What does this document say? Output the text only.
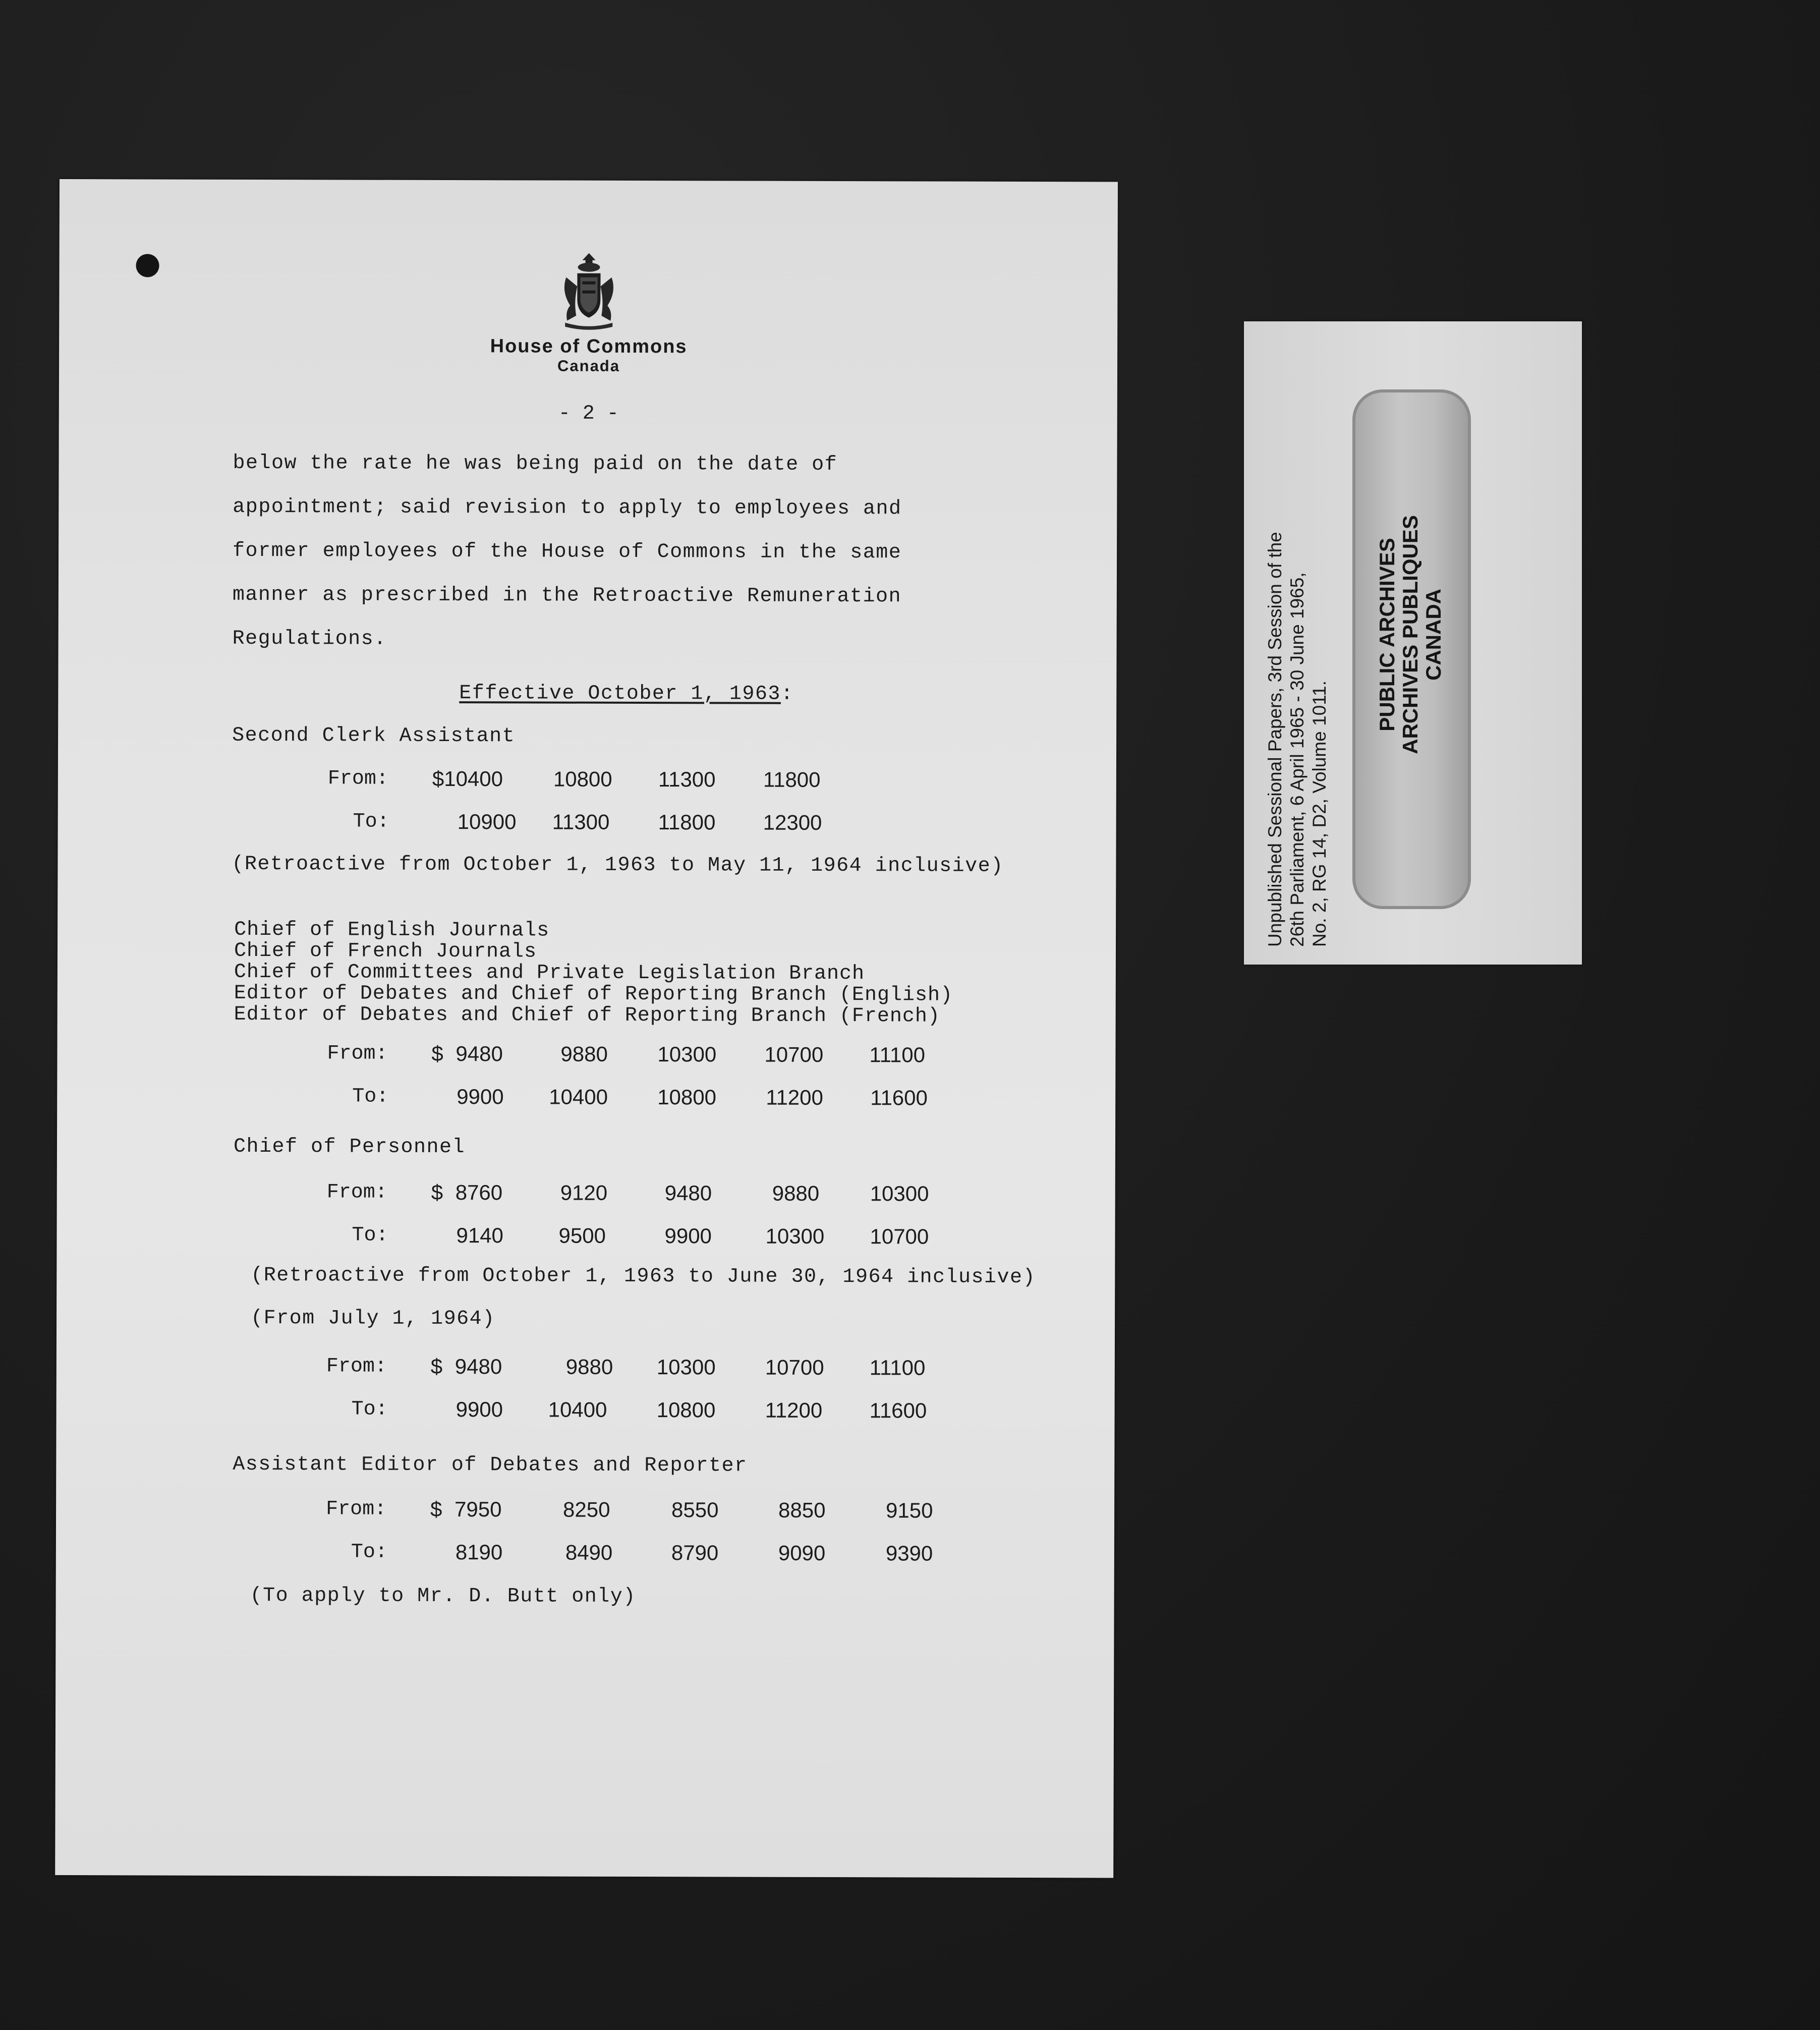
House of Commons
Canada
- 2 -
below the rate he was being paid on the date of
appointment; said revision to apply to employees and
former employees of the House of Commons in the same
manner as prescribed in the Retroactive Remuneration
Regulations.
Effective October 1, 1963:
Second Clerk Assistant
From: $10400 10800 11300 11800
To:	10900 11300 11800 12300
(Retroactive from October 1, 1963 to May 11, 1964 inclusive)
Chief of English Journals
Chief of French Journals
Chief of Committees and Private Legislation Branch
Editor of Debates and Chief of Reporting Branch (English)
Editor of Debates and Chief of Reporting Branch (French)
From: $ 9480	9880 10300 10700 11100
To:	9900 10400 10800 11200 11600
Chief of Personnel
From: $ 8760	9120	9480	9880 10300
To:	9140	9500	9900	10300 10700
(Retroactive from October 1, 1963 to June 30, 1964 inclusive)
(From July 1, 1964)
From: $ 9480	9880 10300 10700 11100
To:	9900 10400 10800 11200 11600
Assistant Editor of Debates and Reporter
From: $ 7950	8250	8550	8850	9150
To:	8190	8490	8790	9090	9390
(To apply to Mr. D. Butt only)
Unpublished Sessional Papers, 3rd Session of the 26th Parliament, 6 April 1965 - 30 June 1965, No. 2, RG 14, D2, Volume 1011.
PUBLIC ARCHIVES ARCHIVES PUBLIQUES CANADA
